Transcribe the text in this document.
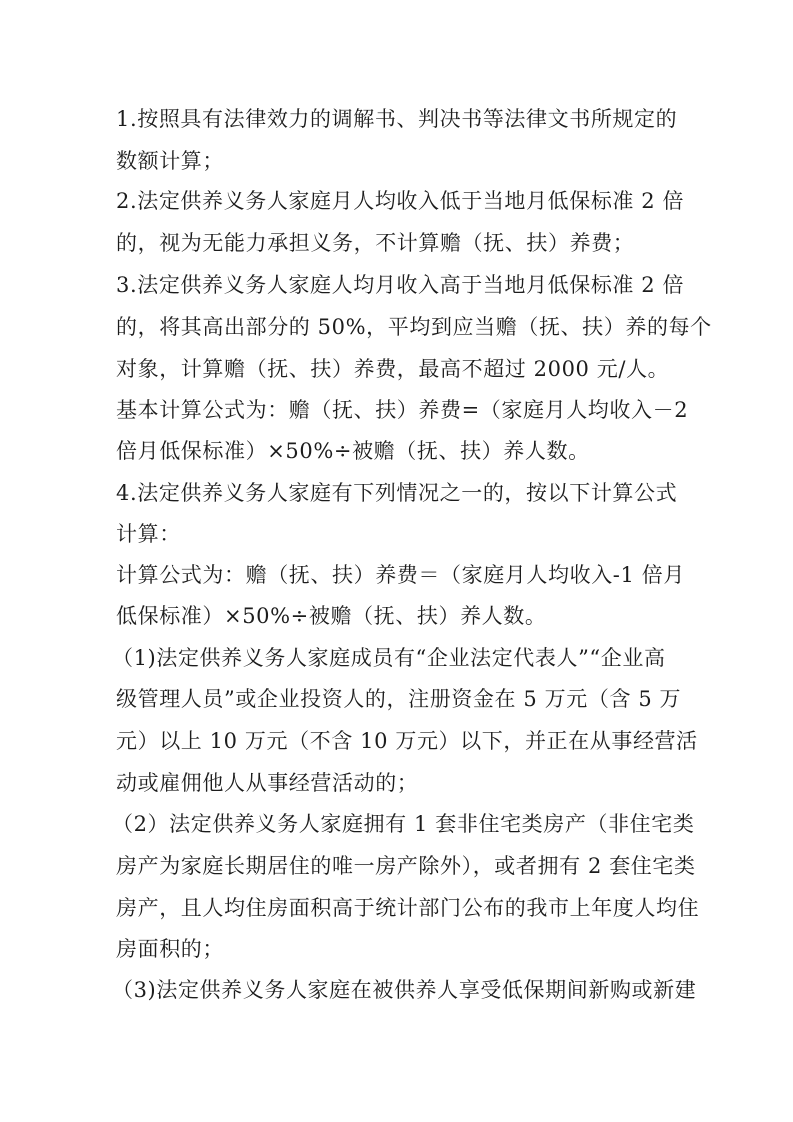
1.按照具有法律效力的调解书、判决书等法律文书所规定的
数额计算；
2.法定供养义务人家庭月人均收入低于当地月低保标准 2 倍
的，视为无能力承担义务，不计算赡（抚、扶）养费；
3.法定供养义务人家庭人均月收入高于当地月低保标准 2 倍
的，将其高出部分的 50%，平均到应当赡（抚、扶）养的每个
对象，计算赡（抚、扶）养费，最高不超过 2000 元/人。
基本计算公式为：赡（抚、扶）养费=（家庭月人均收入－2
倍月低保标准）×50%÷被赡（抚、扶）养人数。
4.法定供养义务人家庭有下列情况之一的，按以下计算公式
计算：
计算公式为：赡（抚、扶）养费＝（家庭月人均收入-1 倍月
低保标准）×50%÷被赡（抚、扶）养人数。
（1)法定供养义务人家庭成员有“企业法定代表人”“企业高
级管理人员”或企业投资人的，注册资金在 5 万元（含 5 万
元）以上 10 万元（不含 10 万元）以下，并正在从事经营活
动或雇佣他人从事经营活动的；
（2）法定供养义务人家庭拥有 1 套非住宅类房产（非住宅类
房产为家庭长期居住的唯一房产除外），或者拥有 2 套住宅类
房产，且人均住房面积高于统计部门公布的我市上年度人均住
房面积的；
（3)法定供养义务人家庭在被供养人享受低保期间新购或新建
